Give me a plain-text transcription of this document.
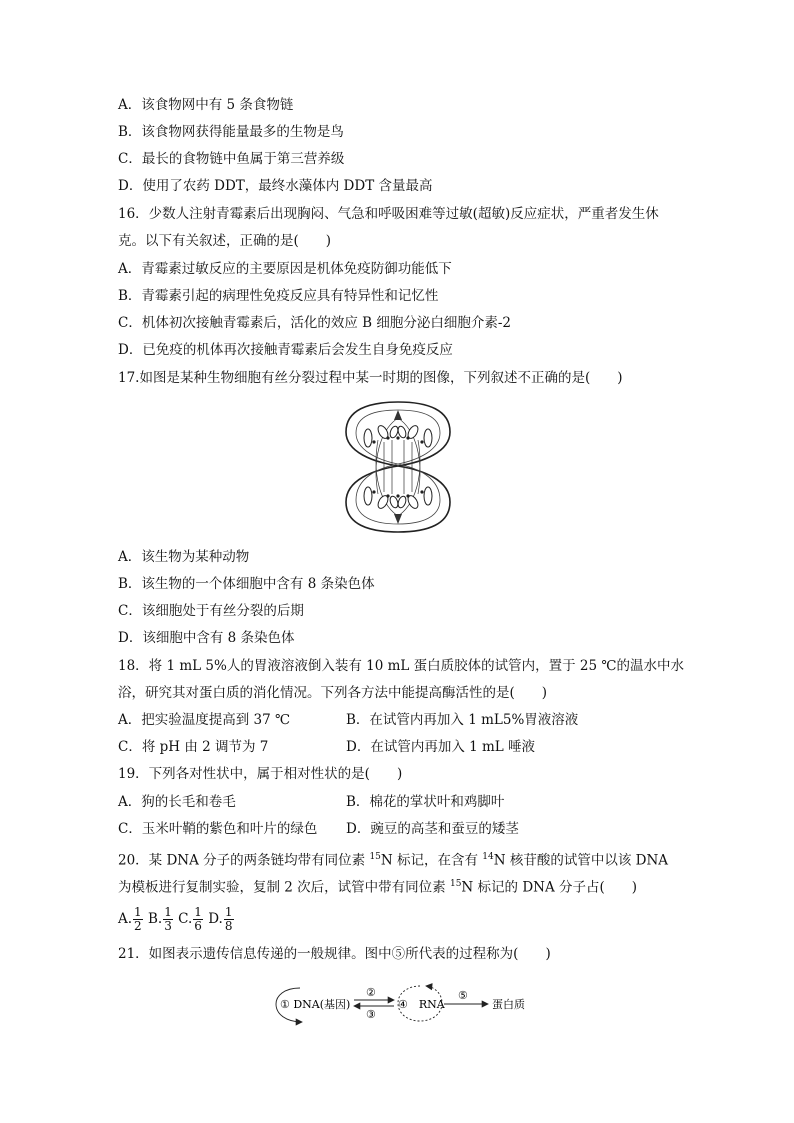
A．该食物网中有 5 条食物链
B．该食物网获得能量最多的生物是鸟
C．最长的食物链中鱼属于第三营养级
D．使用了农药 DDT，最终水藻体内 DDT 含量最高
16．少数人注射青霉素后出现胸闷、气急和呼吸困难等过敏(超敏)反应症状，严重者发生休
克。以下有关叙述，正确的是(　　)
A．青霉素过敏反应的主要原因是机体免疫防御功能低下
B．青霉素引起的病理性免疫反应具有特异性和记忆性
C．机体初次接触青霉素后，活化的效应 B 细胞分泌白细胞介素-2
D．已免疫的机体再次接触青霉素后会发生自身免疫反应
17.如图是某种生物细胞有丝分裂过程中某一时期的图像，下列叙述不正确的是(　　)
A．该生物为某种动物
B．该生物的一个体细胞中含有 8 条染色体
C．该细胞处于有丝分裂的后期
D．该细胞中含有 8 条染色体
18．将 1 mL 5%人的胃液溶液倒入装有 10 mL 蛋白质胶体的试管内，置于 25 ℃的温水中水
浴，研究其对蛋白质的消化情况。下列各方法中能提高酶活性的是(　　)
A．把实验温度提高到 37 ℃	B．在试管内再加入 1 mL5%胃液溶液
C．将 pH 由 2 调节为 7	D．在试管内再加入 1 mL 唾液
19．下列各对性状中，属于相对性状的是(　　)
A．狗的长毛和卷毛	B．棉花的掌状叶和鸡脚叶
C．玉米叶鞘的紫色和叶片的绿色 D．豌豆的高茎和蚕豆的矮茎
20．某 DNA 分子的两条链均带有同位素 $^{15}$N 标记，在含有 $^{14}$N 核苷酸的试管中以该 DNA
为模板进行复制实验，复制 2 次后，试管中带有同位素 $^{15}$N 标记的 DNA 分子占(　　)
A. $\frac{1}{2} B$. $\frac{1}{3} C$. $\frac{1}{6} D$. $\frac{1}{8}$
21．如图表示遗传信息传递的一般规律。图中⑤所代表的过程称为(　　)
① DNA(基因)
②
③
④　RNA
⑤
蛋白质
